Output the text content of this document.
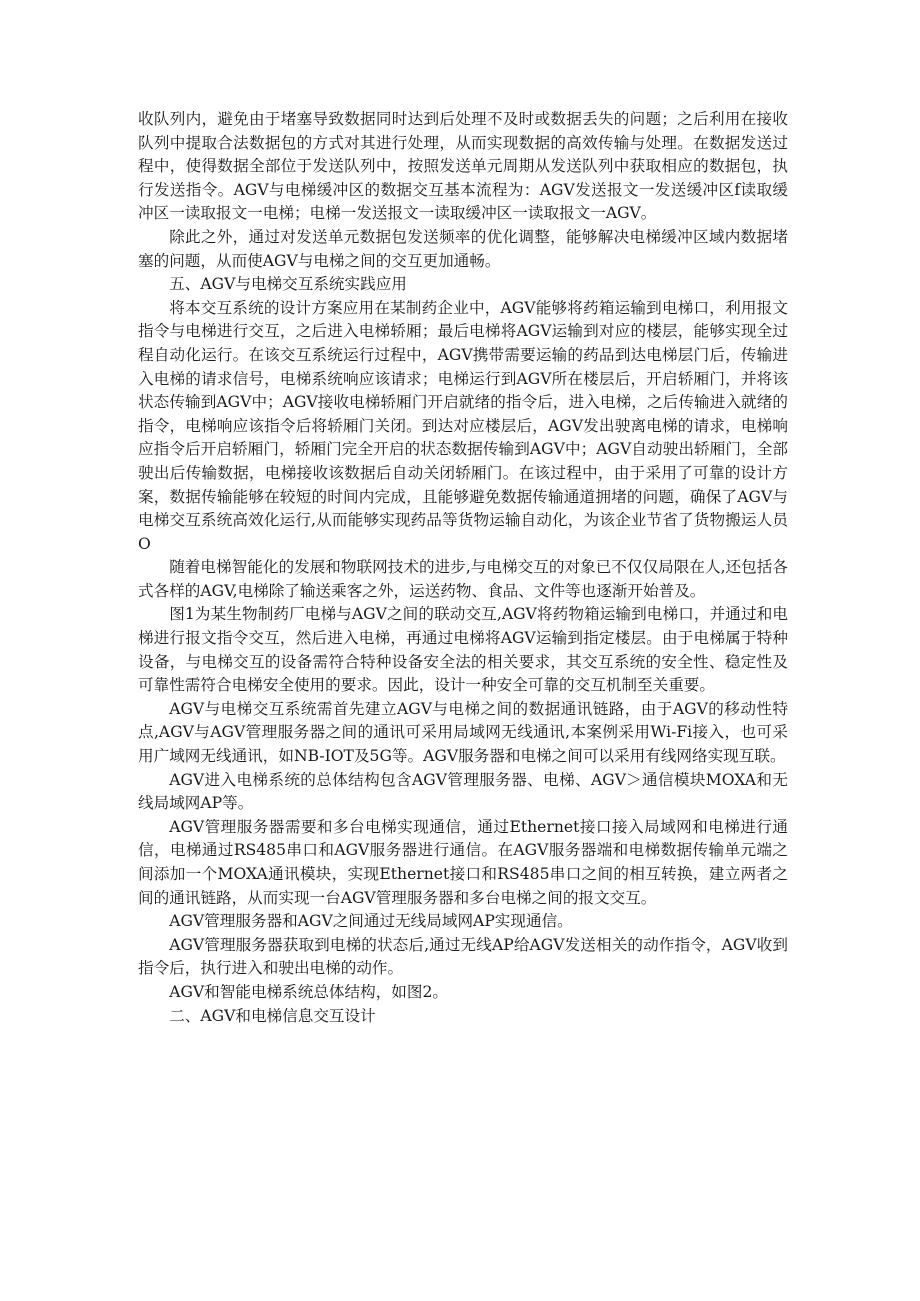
收队列内，避免由于堵塞导致数据同时达到后处理不及时或数据丢失的问题；之后利用在接收队列中提取合法数据包的方式对其进行处理，从而实现数据的高效传输与处理。在数据发送过程中，使得数据全部位于发送队列中，按照发送单元周期从发送队列中获取相应的数据包，执行发送指令。AGV与电梯缓冲区的数据交互基本流程为：AGV发送报文一发送缓冲区f读取缓冲区一读取报文一电梯；电梯一发送报文一读取缓冲区一读取报文一AGV。

除此之外，通过对发送单元数据包发送频率的优化调整，能够解决电梯缓冲区域内数据堵塞的问题，从而使AGV与电梯之间的交互更加通畅。

五、AGV与电梯交互系统实践应用

将本交互系统的设计方案应用在某制药企业中，AGV能够将药箱运输到电梯口，利用报文指令与电梯进行交互，之后进入电梯轿厢；最后电梯将AGV运输到对应的楼层，能够实现全过程自动化运行。在该交互系统运行过程中，AGV携带需要运输的药品到达电梯层门后，传输进入电梯的请求信号，电梯系统响应该请求；电梯运行到AGV所在楼层后，开启轿厢门，并将该状态传输到AGV中；AGV接收电梯轿厢门开启就绪的指令后，进入电梯，之后传输进入就绪的指令，电梯响应该指令后将轿厢门关闭。到达对应楼层后，AGV发出驶离电梯的请求，电梯响应指令后开启轿厢门，轿厢门完全开启的状态数据传输到AGV中；AGV自动驶出轿厢门，全部驶出后传输数据，电梯接收该数据后自动关闭轿厢门。在该过程中，由于采用了可靠的设计方案，数据传输能够在较短的时间内完成，且能够避免数据传输通道拥堵的问题，确保了AGV与电梯交互系统高效化运行,从而能够实现药品等货物运输自动化，为该企业节省了货物搬运人员O

随着电梯智能化的发展和物联网技术的进步,与电梯交互的对象已不仅仅局限在人,还包括各式各样的AGV,电梯除了输送乘客之外，运送药物、食品、文件等也逐渐开始普及。

图1为某生物制药厂电梯与AGV之间的联动交互,AGV将药物箱运输到电梯口，并通过和电梯进行报文指令交互，然后进入电梯，再通过电梯将AGV运输到指定楼层。由于电梯属于特种设备，与电梯交互的设备需符合特种设备安全法的相关要求，其交互系统的安全性、稳定性及可靠性需符合电梯安全使用的要求。因此，设计一种安全可靠的交互机制至关重要。

AGV与电梯交互系统需首先建立AGV与电梯之间的数据通讯链路，由于AGV的移动性特点,AGV与AGV管理服务器之间的通讯可采用局域网无线通讯,本案例采用Wi-Fi接入，也可采用广域网无线通讯，如NB-IOT及5G等。AGV服务器和电梯之间可以采用有线网络实现互联。

AGV进入电梯系统的总体结构包含AGV管理服务器、电梯、AGV＞通信模块MOXA和无线局域网AP等。

AGV管理服务器需要和多台电梯实现通信，通过Ethernet接口接入局域网和电梯进行通信，电梯通过RS485串口和AGV服务器进行通信。在AGV服务器端和电梯数据传输单元端之间添加一个MOXA通讯模块，实现Ethernet接口和RS485串口之间的相互转换，建立两者之间的通讯链路，从而实现一台AGV管理服务器和多台电梯之间的报文交互。

AGV管理服务器和AGV之间通过无线局域网AP实现通信。

AGV管理服务器获取到电梯的状态后,通过无线AP给AGV发送相关的动作指令，AGV收到指令后，执行进入和驶出电梯的动作。

AGV和智能电梯系统总体结构，如图2。

二、AGV和电梯信息交互设计
